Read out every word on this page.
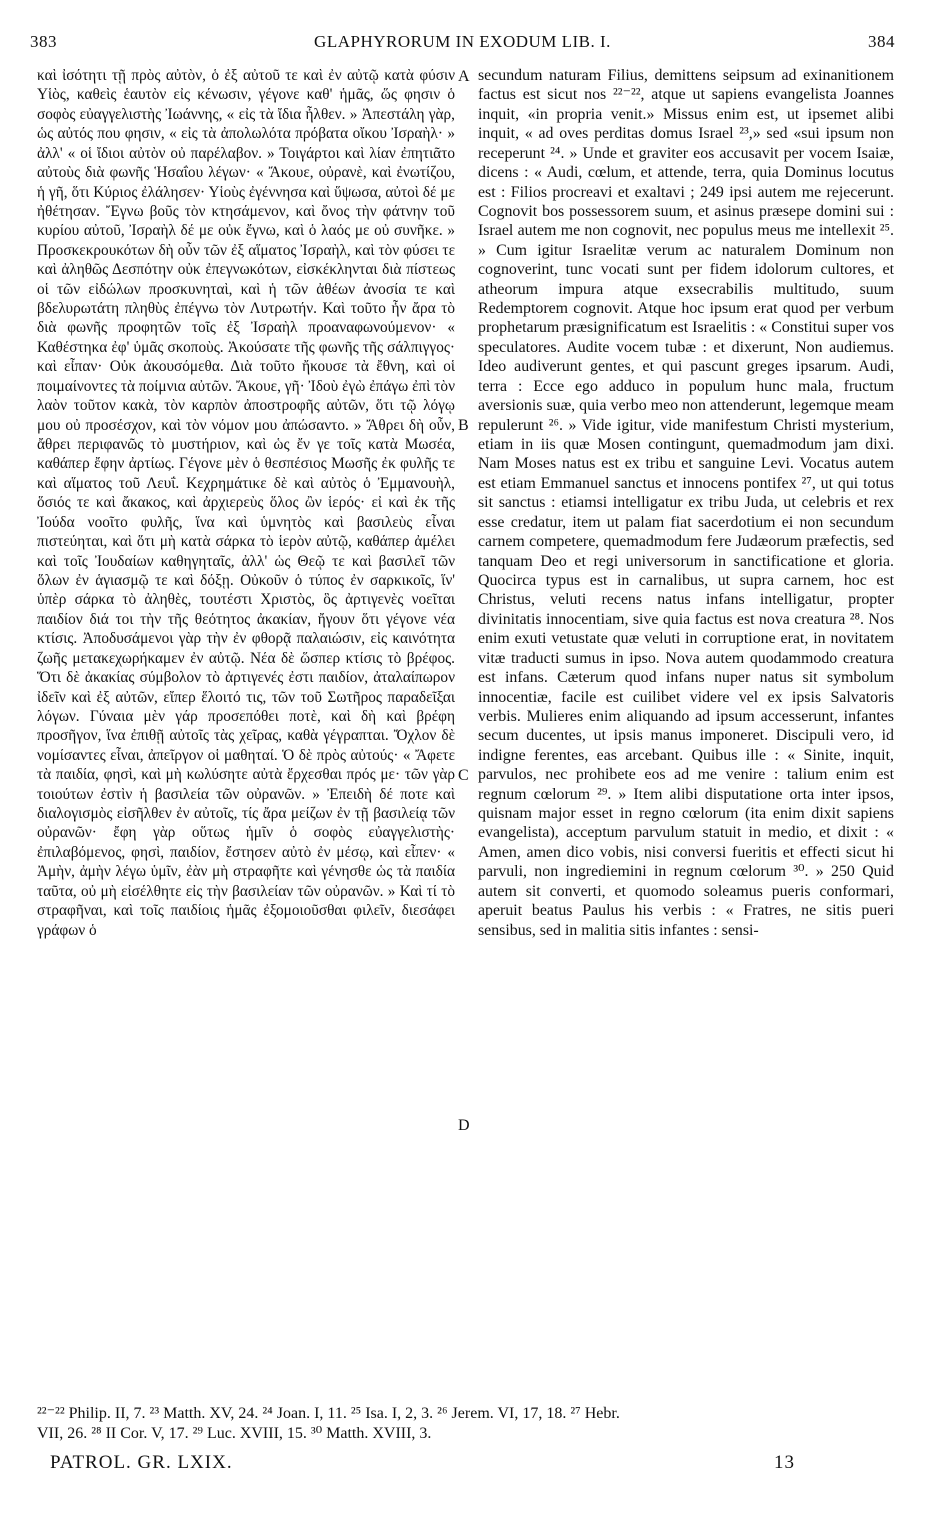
383	GLAPHYRORUM IN EXODUM LIB. I.	384

καὶ ἰσότητι τῇ πρὸς αὐτὸν, ὁ ἐξ αὐτοῦ τε καὶ ἐν αὐτῷ κατὰ φύσιν Υἱὸς, καθεὶς ἑαυτὸν εἰς κένωσιν, γέγονε καθ' ἡμᾶς, ὥς φησιν ὁ σοφὸς εὐαγγελιστὴς Ἰωάννης, « εἰς τὰ ἴδια ἦλθεν. » Ἀπεστάλη γὰρ, ὡς αὐτός που φησιν, « εἰς τὰ ἀπολωλότα πρόβατα οἴκου Ἰσραὴλ· » ἀλλ' « οἱ ἴδιοι αὐτὸν οὐ παρέλαβον. » Τοιγάρτοι καὶ λίαν ἐπητιᾶτο αὐτοὺς διὰ φωνῆς Ἡσαΐου λέγων· « Ἄκουε, οὐρανὲ, καὶ ἐνωτίζου, ἡ γῆ, ὅτι Κύριος ἐλάλησεν· Υἱοὺς ἐγέννησα καὶ ὕψωσα, αὐτοὶ δέ με ἠθέτησαν. Ἔγνω βοῦς τὸν κτησάμενον, καὶ ὄνος τὴν φάτνην τοῦ κυρίου αὐτοῦ, Ἰσραὴλ δέ με οὐκ ἔγνω, καὶ ὁ λαός με οὐ συνῆκε. » Προσκεκρουκότων δὴ οὖν τῶν ἐξ αἵματος Ἰσραὴλ, καὶ τὸν φύσει τε καὶ ἀληθῶς Δεσπότην οὐκ ἐπεγνωκότων, εἰσκέκληνται διὰ πίστεως οἱ τῶν εἰδώλων προσκυνηταὶ, καὶ ἡ τῶν ἀθέων ἀνοσία τε καὶ βδελυρωτάτη πληθὺς ἐπέγνω τὸν Λυτρωτήν. Καὶ τοῦτο ἦν ἄρα τὸ διὰ φωνῆς προφητῶν τοῖς ἐξ Ἰσραὴλ προαναφωνούμενον· « Καθέστηκα ἐφ' ὑμᾶς σκοποὺς. Ἀκούσατε τῆς φωνῆς τῆς σάλπιγγος· καὶ εἶπαν· Οὐκ ἀκουσόμεθα. Διὰ τοῦτο ἤκουσε τὰ ἔθνη, καὶ οἱ ποιμαίνοντες τὰ ποίμνια αὐτῶν. Ἄκουε, γῆ· Ἰδοὺ ἐγὼ ἐπάγω ἐπὶ τὸν λαὸν τοῦτον κακὰ, τὸν καρπὸν ἀποστροφῆς αὐτῶν, ὅτι τῷ λόγῳ μου οὐ προσέσχον, καὶ τὸν νόμον μου ἀπώσαντο. » Ἄθρει δὴ οὖν, ἄθρει περιφανῶς τὸ μυστήριον, καὶ ὡς ἔν γε τοῖς κατὰ Μωσέα, καθάπερ ἔφην ἀρτίως. Γέγονε μὲν ὁ θεσπέσιος Μωσῆς ἐκ φυλῆς τε καὶ αἵματος τοῦ Λευΐ. Κεχρημάτικε δὲ καὶ αὐτὸς ὁ Ἐμμανουὴλ, ὅσιός τε καὶ ἄκακος, καὶ ἀρχιερεὺς ὅλος ὢν ἱερός· εἰ καὶ ἐκ τῆς Ἰούδα νοοῖτο φυλῆς, ἵνα καὶ ὑμνητὸς καὶ βασιλεὺς εἶναι πιστεύηται, καὶ ὅτι μὴ κατὰ σάρκα τὸ ἱερὸν αὐτῷ, καθάπερ ἀμέλει καὶ τοῖς Ἰουδαίων καθηγηταῖς, ἀλλ' ὡς Θεῷ τε καὶ βασιλεῖ τῶν ὅλων ἐν ἁγιασμῷ τε καὶ δόξῃ. Οὐκοῦν ὁ τύπος ἐν σαρκικοῖς, ἵν' ὑπὲρ σάρκα τὸ ἀληθὲς, τουτέστι Χριστὸς, ὃς ἀρτιγενὲς νοεῖται παιδίον διά τοι τὴν τῆς θεότητος ἀκακίαν, ἤγουν ὅτι γέγονε νέα κτίσις. Ἀποδυσάμενοι γὰρ τὴν ἐν φθορᾷ παλαιώσιν, εἰς καινότητα ζωῆς μετακεχωρήκαμεν ἐν αὐτῷ. Νέα δὲ ὥσπερ κτίσις τὸ βρέφος. Ὅτι δὲ ἀκακίας σύμβολον τὸ ἀρτιγενές ἐστι παιδίον, ἀταλαίπωρον ἰδεῖν καὶ ἐξ αὐτῶν, εἴπερ ἕλοιτό τις, τῶν τοῦ Σωτῆρος παραδεῖξαι λόγων. Γύναια μὲν γάρ προσεπόθει ποτὲ, καὶ δὴ καὶ βρέφη προσῆγον, ἵνα ἐπιθῇ αὐτοῖς τὰς χεῖρας, καθὰ γέγραπται. Ὄχλον δὲ νομίσαντες εἶναι, ἀπεῖργον οἱ μαθηταί. Ὁ δὲ πρὸς αὐτούς· « Ἄφετε τὰ παιδία, φησὶ, καὶ μὴ κωλύσητε αὐτὰ ἔρχεσθαι πρός με· τῶν γὰρ τοιούτων ἐστὶν ἡ βασιλεία τῶν οὐρανῶν. » Ἐπειδὴ δέ ποτε καὶ διαλογισμὸς εἰσῆλθεν ἐν αὐτοῖς, τίς ἄρα μείζων ἐν τῇ βασιλείᾳ τῶν οὐρανῶν· ἔφη γὰρ οὕτως ἡμῖν ὁ σοφὸς εὐαγγελιστὴς· ἐπιλαβόμενος, φησὶ, παιδίον, ἔστησεν αὐτὸ ἐν μέσῳ, καὶ εἶπεν· « Ἀμὴν, ἀμὴν λέγω ὑμῖν, ἐὰν μὴ στραφῆτε καὶ γένησθε ὡς τὰ παιδία ταῦτα, οὐ μὴ εἰσέλθητε εἰς τὴν βασιλείαν τῶν οὐρανῶν. » Καὶ τί τὸ στραφῆναι, καὶ τοῖς παιδίοις ἡμᾶς ἐξομοιοῦσθαι φιλεῖν, διεσάφει γράφων ὁ

A
B
C
D

secundum naturam Filius, demittens seipsum ad exinanitionem factus est sicut nos ²²⁻²², atque ut sapiens evangelista Joannes inquit, «in propria venit.» Missus enim est, ut ipsemet alibi inquit, « ad oves perditas domus Israel ²³,» sed «sui ipsum non receperunt ²⁴. » Unde et graviter eos accusavit per vocem Isaiæ, dicens : « Audi, cœlum, et attende, terra, quia Dominus locutus est : Filios procreavi et exaltavi ; 249 ipsi autem me rejecerunt. Cognovit bos possessorem suum, et asinus præsepe domini sui : Israel autem me non cognovit, nec populus meus me intellexit ²⁵. » Cum igitur Israelitæ verum ac naturalem Dominum non cognoverint, tunc vocati sunt per fidem idolorum cultores, et atheorum impura atque exsecrabilis multitudo, suum Redemptorem cognovit. Atque hoc ipsum erat quod per verbum prophetarum præsignificatum est Israelitis : « Constitui super vos speculatores. Audite vocem tubæ : et dixerunt, Non audiemus. Ideo audiverunt gentes, et qui pascunt greges ipsarum. Audi, terra : Ecce ego adduco in populum hunc mala, fructum aversionis suæ, quia verbo meo non attenderunt, legemque meam repulerunt ²⁶. » Vide igitur, vide manifestum Christi mysterium, etiam in iis quæ Mosen contingunt, quemadmodum jam dixi. Nam Moses natus est ex tribu et sanguine Levi. Vocatus autem est etiam Emmanuel sanctus et innocens pontifex ²⁷, ut qui totus sit sanctus : etiamsi intelligatur ex tribu Juda, ut celebris et rex esse credatur, item ut palam fiat sacerdotium ei non secundum carnem competere, quemadmodum fere Judæorum præfectis, sed tanquam Deo et regi universorum in sanctificatione et gloria. Quocirca typus est in carnalibus, ut supra carnem, hoc est Christus, veluti recens natus infans intelligatur, propter divinitatis innocentiam, sive quia factus est nova creatura ²⁸. Nos enim exuti vetustate quæ veluti in corruptione erat, in novitatem vitæ traducti sumus in ipso. Nova autem quodammodo creatura est infans. Cæterum quod infans nuper natus sit symbolum innocentiæ, facile est cuilibet videre vel ex ipsis Salvatoris verbis. Mulieres enim aliquando ad ipsum accesserunt, infantes secum ducentes, ut ipsis manus imponeret. Discipuli vero, id indigne ferentes, eas arcebant. Quibus ille : « Sinite, inquit, parvulos, nec prohibete eos ad me venire : talium enim est regnum cœlorum ²⁹. » Item alibi disputatione orta inter ipsos, quisnam major esset in regno cœlorum (ita enim dixit sapiens evangelista), acceptum parvulum statuit in medio, et dixit : « Amen, amen dico vobis, nisi conversi fueritis et effecti sicut hi parvuli, non ingrediemini in regnum cœlorum ³⁰. » 250 Quid autem sit converti, et quomodo soleamus pueris conformari, aperuit beatus Paulus his verbis : « Fratres, ne sitis pueri sensibus, sed in malitia sitis infantes : sensi-

²²⁻²² Philip. II, 7. ²³ Matth. XV, 24. ²⁴ Joan. I, 11. ²⁵ Isa. I, 2, 3. ²⁶ Jerem. VI, 17, 18. ²⁷ Hebr.

VII, 26. ²⁸ II Cor. V, 17. ²⁹ Luc. XVIII, 15. ³⁰ Matth. XVIII, 3.

PATROL. GR. LXIX.	13
